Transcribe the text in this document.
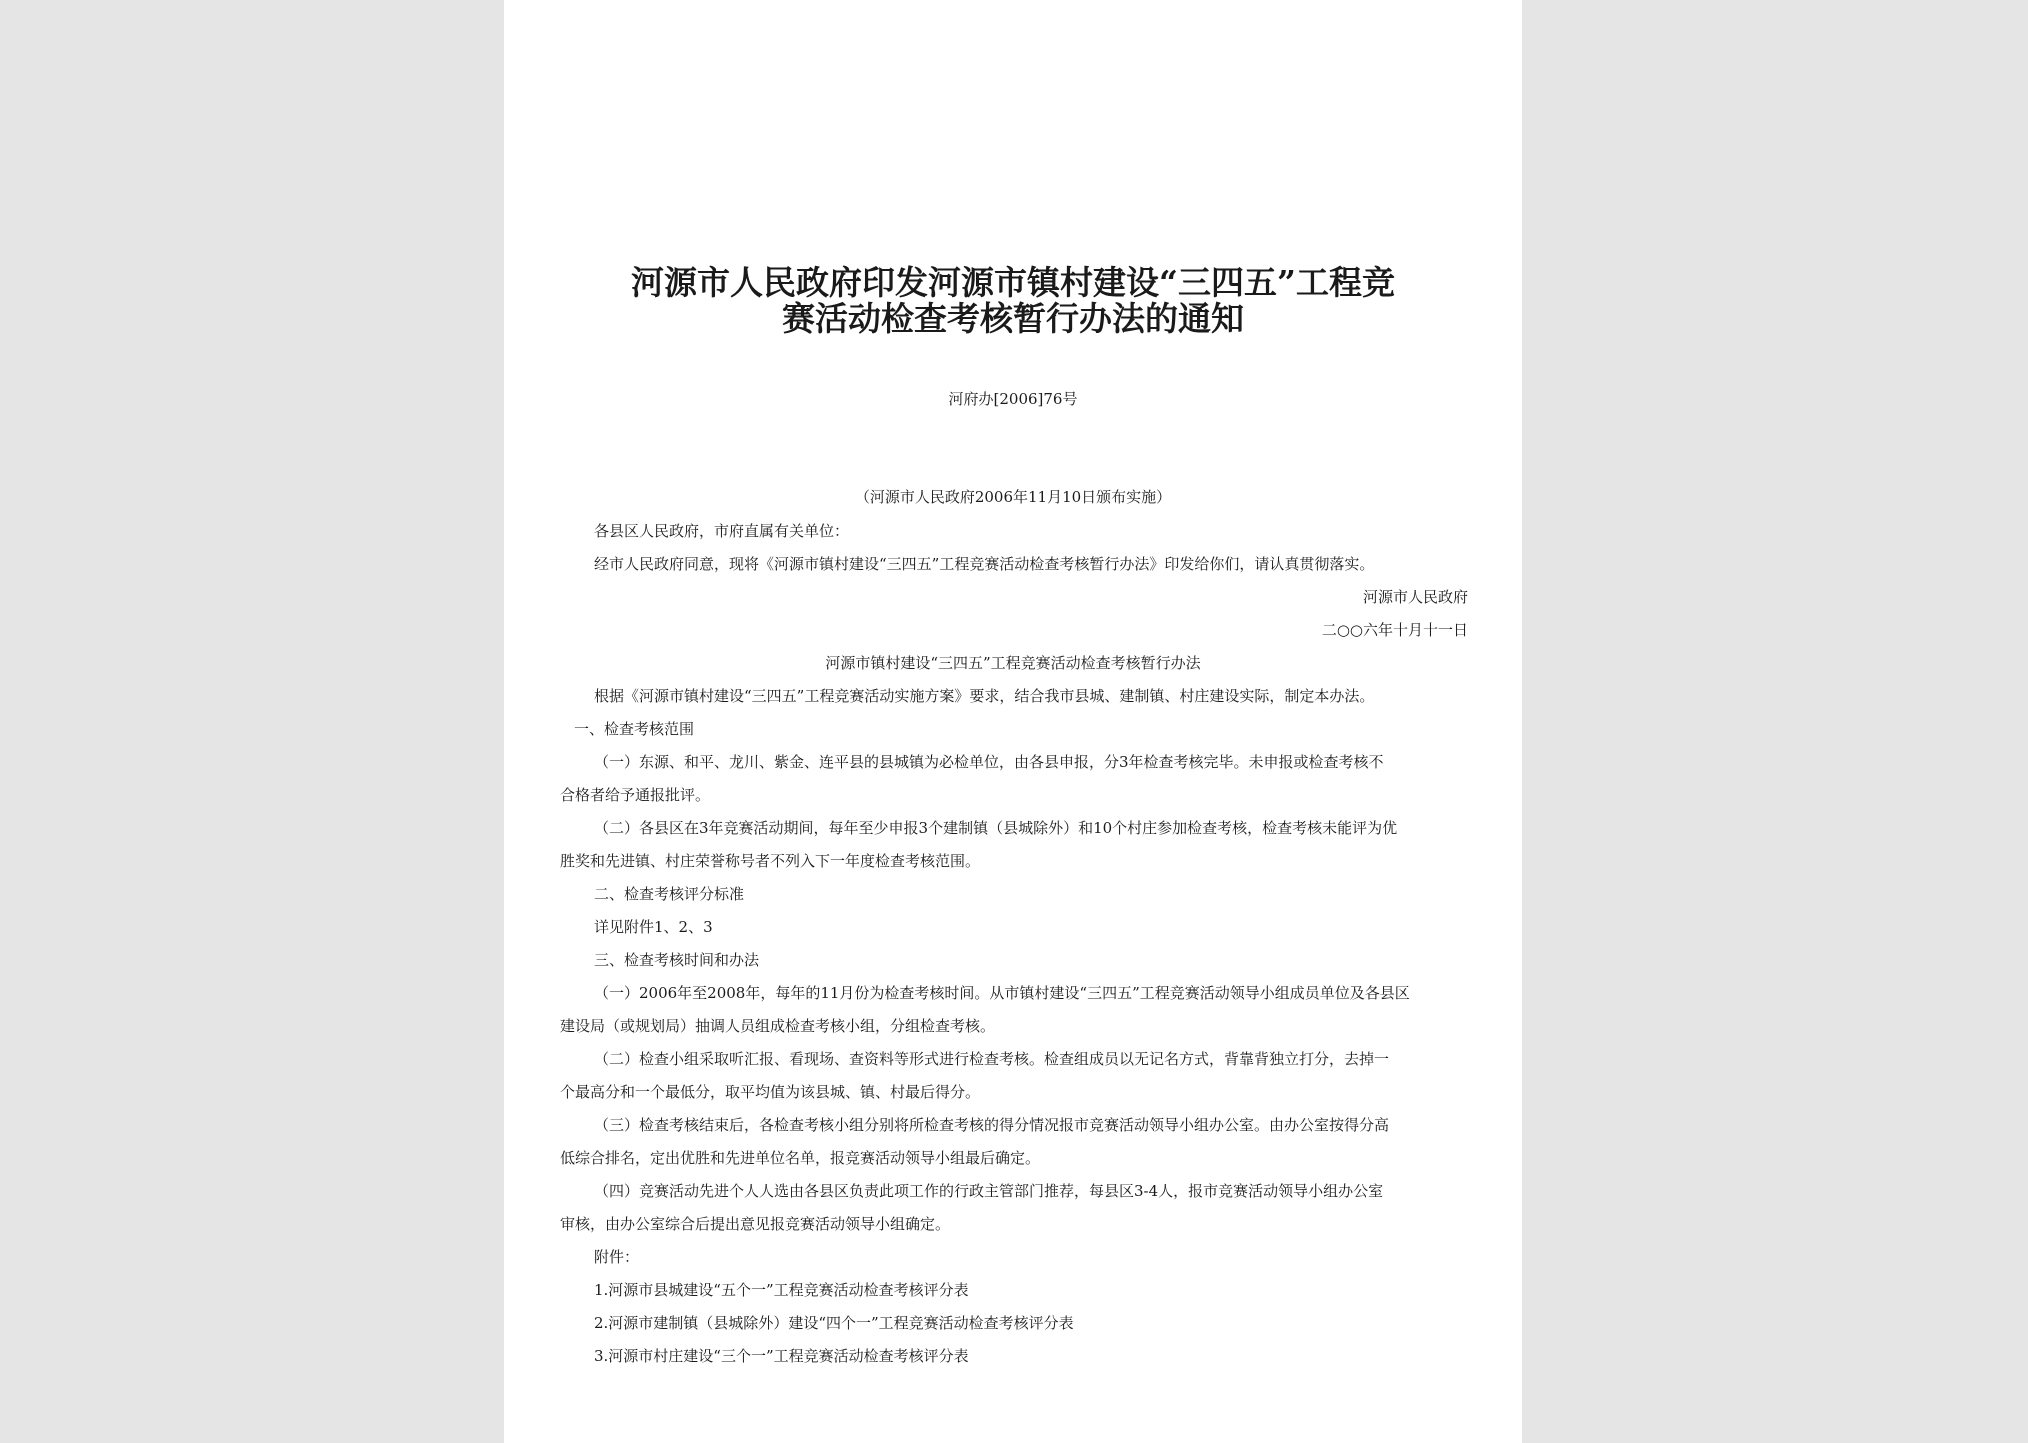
河源市人民政府印发河源市镇村建设“三四五”工程竞
赛活动检查考核暂行办法的通知
河府办[2006]76号
（河源市人民政府2006年11月10日颁布实施）
各县区人民政府，市府直属有关单位：
经市人民政府同意，现将《河源市镇村建设“三四五”工程竞赛活动检查考核暂行办法》印发给你们，请认真贯彻落实。
河源市人民政府
二○○六年十月十一日
河源市镇村建设“三四五”工程竞赛活动检查考核暂行办法
根据《河源市镇村建设“三四五”工程竞赛活动实施方案》要求，结合我市县城、建制镇、村庄建设实际，制定本办法。
一、检查考核范围
（一）东源、和平、龙川、紫金、连平县的县城镇为必检单位，由各县申报，分3年检查考核完毕。未申报或检查考核不
合格者给予通报批评。
（二）各县区在3年竞赛活动期间，每年至少申报3个建制镇（县城除外）和10个村庄参加检查考核，检查考核未能评为优
胜奖和先进镇、村庄荣誉称号者不列入下一年度检查考核范围。
二、检查考核评分标准
详见附件1、2、3
三、检查考核时间和办法
（一）2006年至2008年，每年的11月份为检查考核时间。从市镇村建设“三四五”工程竞赛活动领导小组成员单位及各县区
建设局（或规划局）抽调人员组成检查考核小组，分组检查考核。
（二）检查小组采取听汇报、看现场、查资料等形式进行检查考核。检查组成员以无记名方式，背靠背独立打分，去掉一
个最高分和一个最低分，取平均值为该县城、镇、村最后得分。
（三）检查考核结束后，各检查考核小组分别将所检查考核的得分情况报市竞赛活动领导小组办公室。由办公室按得分高
低综合排名，定出优胜和先进单位名单，报竞赛活动领导小组最后确定。
（四）竞赛活动先进个人人选由各县区负责此项工作的行政主管部门推荐，每县区3-4人，报市竞赛活动领导小组办公室
审核，由办公室综合后提出意见报竞赛活动领导小组确定。
附件：
1.河源市县城建设“五个一”工程竞赛活动检查考核评分表
2.河源市建制镇（县城除外）建设“四个一”工程竞赛活动检查考核评分表
3.河源市村庄建设“三个一”工程竞赛活动检查考核评分表
